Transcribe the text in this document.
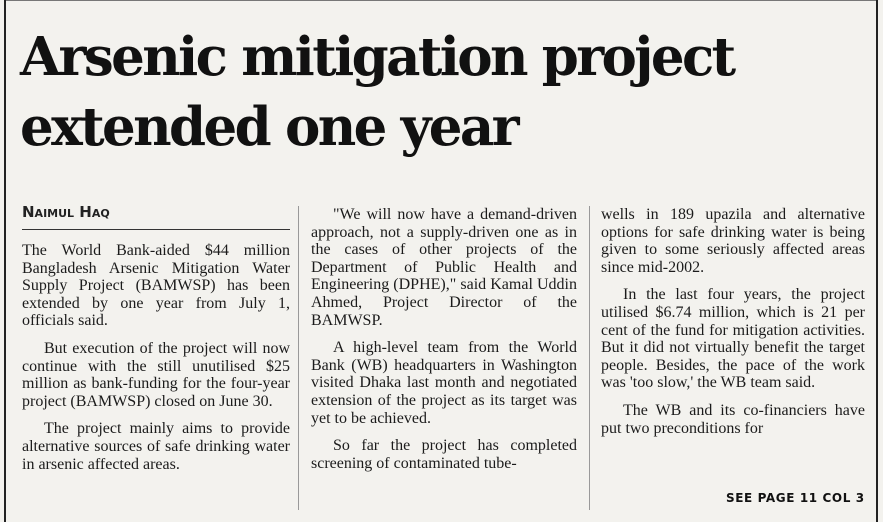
Arsenic mitigation project
extended one year
Naimul Haq

The World Bank-aided $44 million Bangladesh Arsenic Mitigation Water Supply Project (BAMWSP) has been extended by one year from July 1, officials said.

But execution of the project will now continue with the still unutilised $25 million as bank-funding for the four-year project (BAMWSP) closed on June 30.

The project mainly aims to provide alternative sources of safe drinking water in arsenic affected areas.

"We will now have a demand-driven approach, not a supply-driven one as in the cases of other projects of the Department of Public Health and Engineering (DPHE)," said Kamal Uddin Ahmed, Project Director of the BAMWSP.

A high-level team from the World Bank (WB) headquarters in Washington visited Dhaka last month and negotiated extension of the project as its target was yet to be achieved.

So far the project has completed screening of contaminated tube-

wells in 189 upazila and alternative options for safe drinking water is being given to some seriously affected areas since mid-2002.

In the last four years, the project utilised $6.74 million, which is 21 per cent of the fund for mitigation activities. But it did not virtually benefit the target people. Besides, the pace of the work was 'too slow,' the WB team said.

The WB and its co-financiers have put two preconditions for

SEE PAGE 11 COL 3
